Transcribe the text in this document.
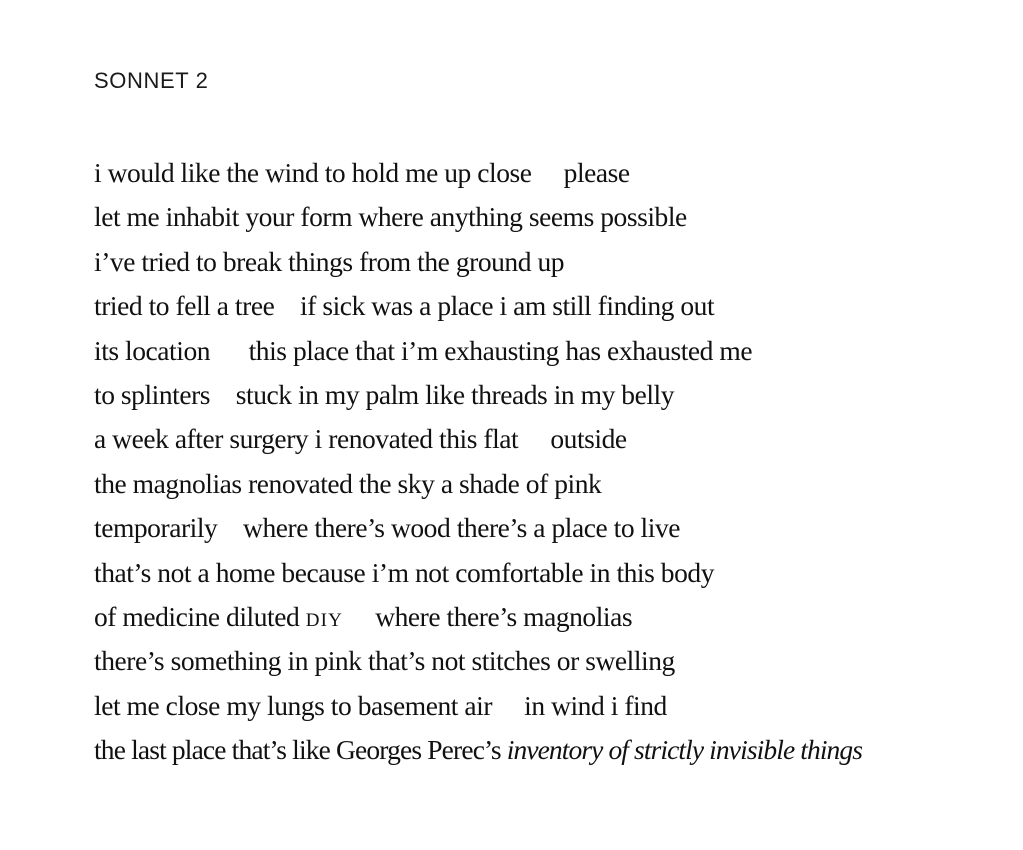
SONNET 2
i would like the wind to hold me up close     please
let me inhabit your form where anything seems possible
i’ve tried to break things from the ground up
tried to fell a tree    if sick was a place i am still finding out
its location      this place that i’m exhausting has exhausted me
to splinters    stuck in my palm like threads in my belly
a week after surgery i renovated this flat     outside
the magnolias renovated the sky a shade of pink
temporarily    where there’s wood there’s a place to live
that’s not a home because i’m not comfortable in this body
of medicine diluted DIY     where there’s magnolias
there’s something in pink that’s not stitches or swelling
let me close my lungs to basement air     in wind i find
the last place that’s like Georges Perec’s inventory of strictly invisible things
